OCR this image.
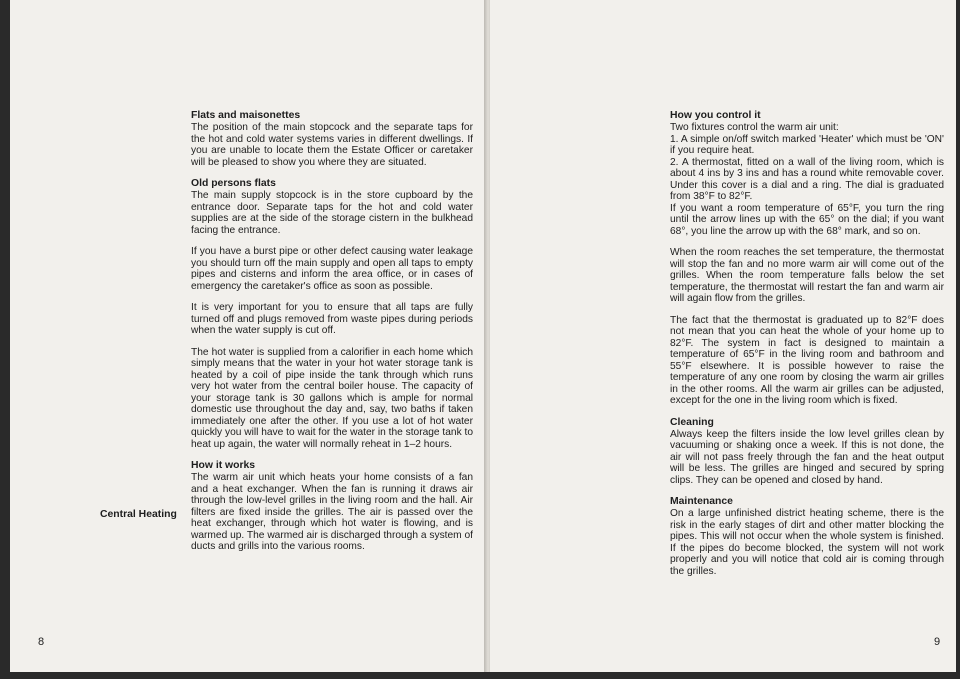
Flats and maisonettes

The position of the main stopcock and the separate taps for the hot and cold water systems varies in different dwellings. If you are unable to locate them the Estate Officer or caretaker will be pleased to show you where they are situated.

Old persons flats

The main supply stopcock is in the store cupboard by the entrance door. Separate taps for the hot and cold water supplies are at the side of the storage cistern in the bulkhead facing the entrance.

If you have a burst pipe or other defect causing water leakage you should turn off the main supply and open all taps to empty pipes and cisterns and inform the area office, or in cases of emergency the caretaker's office as soon as possible.

It is very important for you to ensure that all taps are fully turned off and plugs removed from waste pipes during periods when the water supply is cut off.

The hot water is supplied from a calorifier in each home which simply means that the water in your hot water storage tank is heated by a coil of pipe inside the tank through which runs very hot water from the central boiler house. The capacity of your storage tank is 30 gallons which is ample for normal domestic use throughout the day and, say, two baths if taken immediately one after the other. If you use a lot of hot water quickly you will have to wait for the water in the storage tank to heat up again, the water will normally reheat in 1–2 hours.

How it works

The warm air unit which heats your home consists of a fan and a heat exchanger. When the fan is running it draws air through the low-level grilles in the living room and the hall. Air filters are fixed inside the grilles. The air is passed over the heat exchanger, through which hot water is flowing, and is warmed up. The warmed air is discharged through a system of ducts and grills into the various rooms.

Central Heating
8
How you control it

Two fixtures control the warm air unit:
1. A simple on/off switch marked 'Heater' which must be 'ON' if you require heat.
2. A thermostat, fitted on a wall of the living room, which is about 4 ins by 3 ins and has a round white removable cover. Under this cover is a dial and a ring. The dial is graduated from 38°F to 82°F.
If you want a room temperature of 65°F, you turn the ring until the arrow lines up with the 65° on the dial; if you want 68°, you line the arrow up with the 68° mark, and so on.

When the room reaches the set temperature, the thermostat will stop the fan and no more warm air will come out of the grilles. When the room temperature falls below the set temperature, the thermostat will restart the fan and warm air will again flow from the grilles.

The fact that the thermostat is graduated up to 82°F does not mean that you can heat the whole of your home up to 82°F. The system in fact is designed to maintain a temperature of 65°F in the living room and bathroom and 55°F elsewhere. It is possible however to raise the temperature of any one room by closing the warm air grilles in the other rooms. All the warm air grilles can be adjusted, except for the one in the living room which is fixed.

Cleaning

Always keep the filters inside the low level grilles clean by vacuuming or shaking once a week. If this is not done, the air will not pass freely through the fan and the heat output will be less. The grilles are hinged and secured by spring clips. They can be opened and closed by hand.

Maintenance

On a large unfinished district heating scheme, there is the risk in the early stages of dirt and other matter blocking the pipes. This will not occur when the whole system is finished. If the pipes do become blocked, the system will not work properly and you will notice that cold air is coming through the grilles.

9
